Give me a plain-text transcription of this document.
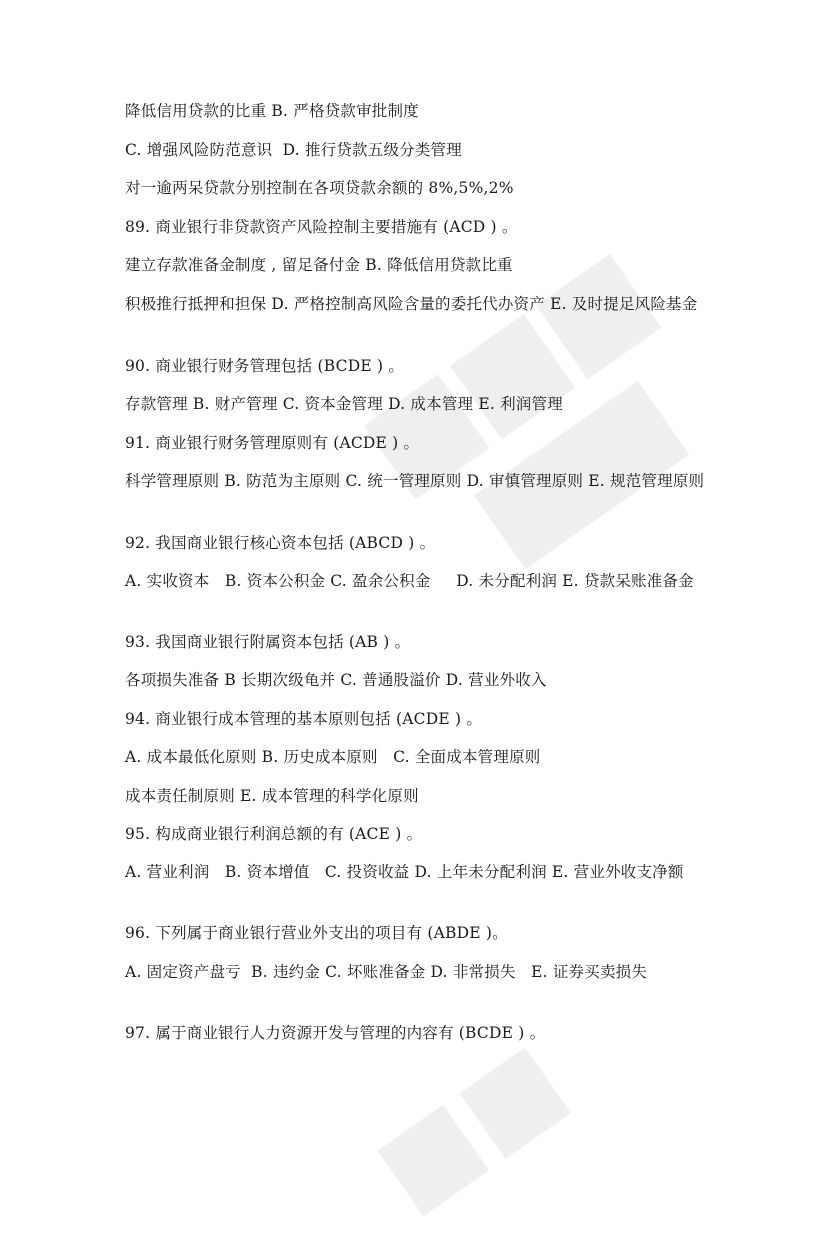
降低信用贷款的比重 B. 严格贷款审批制度
C. 增强风险防范意识  D. 推行贷款五级分类管理
对一逾两呆贷款分别控制在各项贷款余额的 8%,5%,2%
89. 商业银行非贷款资产风险控制主要措施有 (ACD ) 。
建立存款准备金制度 , 留足备付金 B. 降低信用贷款比重
积极推行抵押和担保 D. 严格控制高风险含量的委托代办资产 E. 及时提足风险基金
90. 商业银行财务管理包括 (BCDE ) 。
存款管理 B. 财产管理 C. 资本金管理 D. 成本管理 E. 利润管理
91. 商业银行财务管理原则有 (ACDE ) 。
科学管理原则 B. 防范为主原则 C. 统一管理原则 D. 审慎管理原则 E. 规范管理原则
92. 我国商业银行核心资本包括 (ABCD ) 。
A. 实收资本   B. 资本公积金 C. 盈余公积金     D. 未分配利润 E. 贷款呆账准备金
93. 我国商业银行附属资本包括 (AB ) 。
各项损失准备 B 长期次级龟并 C. 普通股溢价 D. 营业外收入
94. 商业银行成本管理的基本原则包括 (ACDE ) 。
A. 成本最低化原则 B. 历史成本原则   C. 全面成本管理原则
成本责任制原则 E. 成本管理的科学化原则
95. 构成商业银行利润总额的有 (ACE ) 。
A. 营业利润   B. 资本增值   C. 投资收益 D. 上年未分配利润 E. 营业外收支净额
96. 下列属于商业银行营业外支出的项目有 (ABDE )。
A. 固定资产盘亏  B. 违约金 C. 坏账准备金 D. 非常损失   E. 证券买卖损失
97. 属于商业银行人力资源开发与管理的内容有 (BCDE ) 。
